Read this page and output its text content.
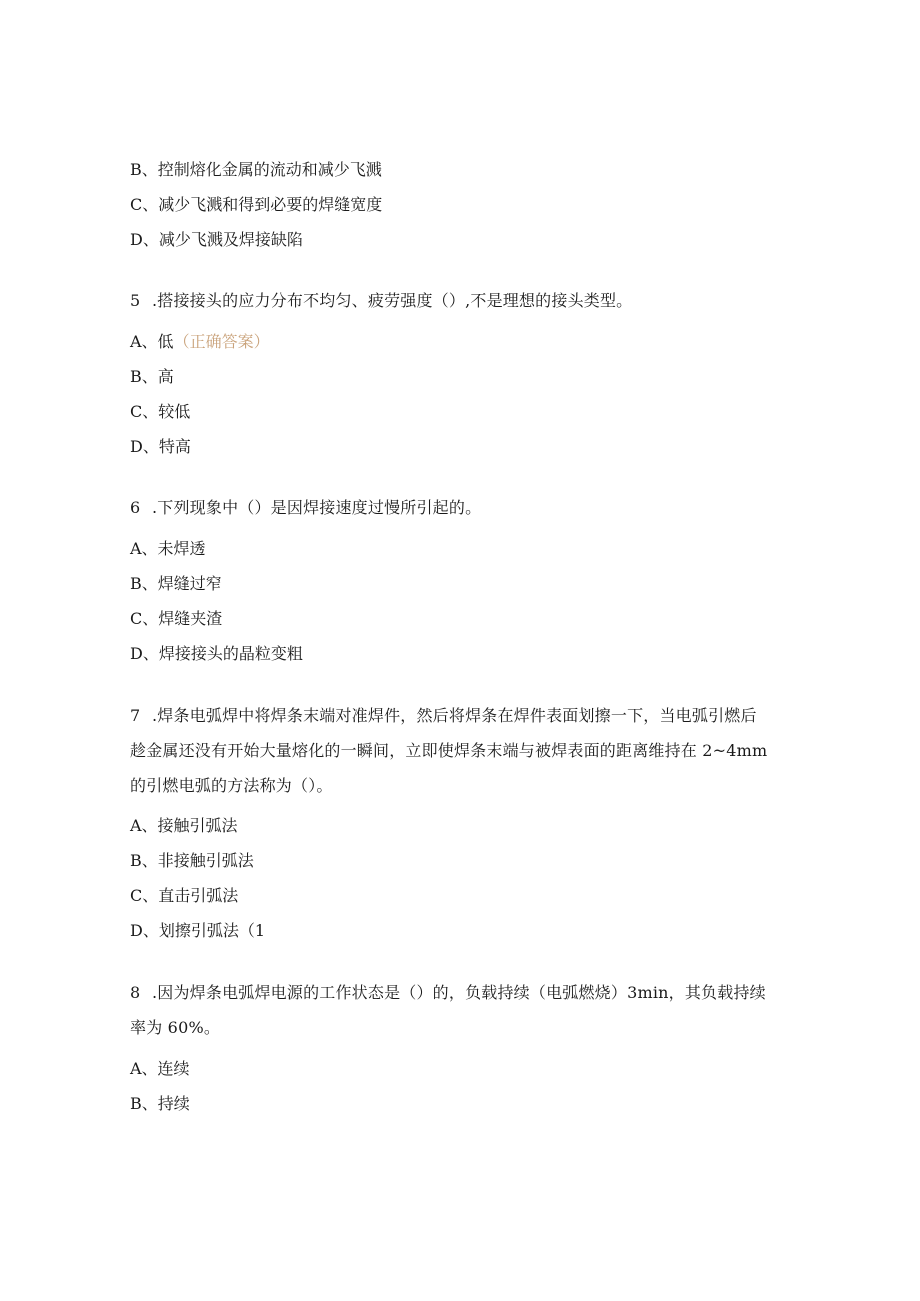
B、控制熔化金属的流动和减少飞溅
C、减少飞溅和得到必要的焊缝宽度
D、减少飞溅及焊接缺陷
5 .搭接接头的应力分布不均匀、疲劳强度（）,不是理想的接头类型。
A、低（正确答案）
B、高
C、较低
D、特高
6 .下列现象中（）是因焊接速度过慢所引起的。
A、未焊透
B、焊缝过窄
C、焊缝夹渣
D、焊接接头的晶粒变粗
7 .焊条电弧焊中将焊条末端对准焊件，然后将焊条在焊件表面划擦一下，当电弧引燃后
趁金属还没有开始大量熔化的一瞬间，立即使焊条末端与被焊表面的距离维持在 2~4mm
的引燃电弧的方法称为（）。
A、接触引弧法
B、非接触引弧法
C、直击引弧法
D、划擦引弧法（1
8 .因为焊条电弧焊电源的工作状态是（）的，负载持续（电弧燃烧）3min，其负载持续
率为 60%。
A、连续
B、持续
